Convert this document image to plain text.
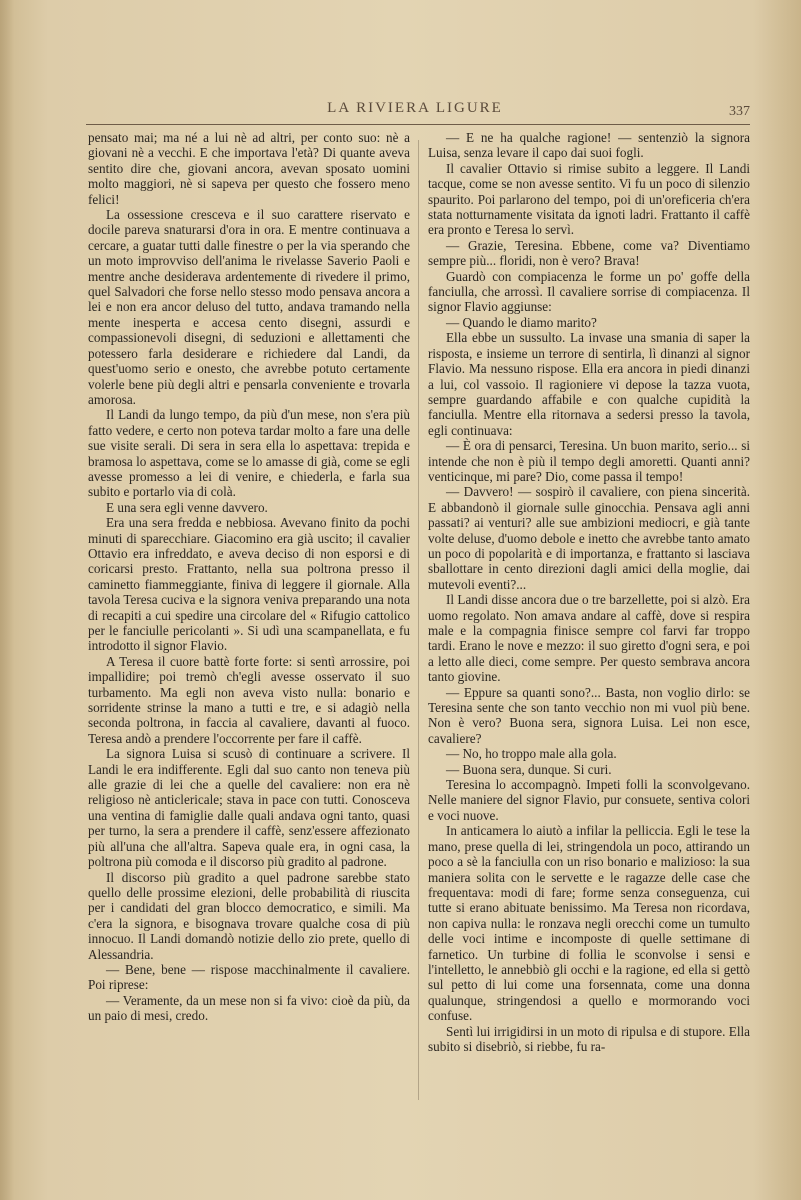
LA RIVIERA LIGURE	337

pensato mai; ma né a lui nè ad altri, per conto suo: nè a giovani nè a vecchi. E che importava l'età? Di quante aveva sentito dire che, giovani ancora, avevan sposato uomini molto maggiori, nè si sapeva per questo che fossero meno felici!

La ossessione cresceva e il suo carattere riservato e docile pareva snaturarsi d'ora in ora. E mentre continuava a cercare, a guatar tutti dalle finestre o per la via sperando che un moto improvviso dell'anima le rivelasse Saverio Paoli e mentre anche desiderava ardentemente di rivedere il primo, quel Salvadori che forse nello stesso modo pensava ancora a lei e non era ancor deluso del tutto, andava tramando nella mente inesperta e accesa cento disegni, assurdi e compassionevoli disegni, di seduzioni e allettamenti che potessero farla desiderare e richiedere dal Landi, da quest'uomo serio e onesto, che avrebbe potuto certamente volerle bene più degli altri e pensarla conveniente e trovarla amorosa.

Il Landi da lungo tempo, da più d'un mese, non s'era più fatto vedere, e certo non poteva tardar molto a fare una delle sue visite serali. Di sera in sera ella lo aspettava: trepida e bramosa lo aspettava, come se lo amasse di già, come se egli avesse promesso a lei di venire, e chiederla, e farla sua subito e portarlo via di colà.

E una sera egli venne davvero.

Era una sera fredda e nebbiosa. Avevano finito da pochi minuti di sparecchiare. Giacomino era già uscito; il cavalier Ottavio era infreddato, e aveva deciso di non esporsi e di coricarsi presto. Frattanto, nella sua poltrona presso il caminetto fiammeggiante, finiva di leggere il giornale. Alla tavola Teresa cuciva e la signora veniva preparando una nota di recapiti a cui spedire una circolare del « Rifugio cattolico per le fanciulle pericolanti ». Si udì una scampanellata, e fu introdotto il signor Flavio.

A Teresa il cuore battè forte forte: si sentì arrossire, poi impallidire; poi tremò ch'egli avesse osservato il suo turbamento. Ma egli non aveva visto nulla: bonario e sorridente strinse la mano a tutti e tre, e si adagiò nella seconda poltrona, in faccia al cavaliere, davanti al fuoco. Teresa andò a prendere l'occorrente per fare il caffè.

La signora Luisa si scusò di continuare a scrivere. Il Landi le era indifferente. Egli dal suo canto non teneva più alle grazie di lei che a quelle del cavaliere: non era nè religioso nè anticlericale; stava in pace con tutti. Conosceva una ventina di famiglie dalle quali andava ogni tanto, quasi per turno, la sera a prendere il caffè, senz'essere affezionato più all'una che all'altra. Sapeva quale era, in ogni casa, la poltrona più comoda e il discorso più gradito al padrone.

Il discorso più gradito a quel padrone sarebbe stato quello delle prossime elezioni, delle probabilità di riuscita per i candidati del gran blocco democratico, e simili. Ma c'era la signora, e bisognava trovare qualche cosa di più innocuo. Il Landi domandò notizie dello zio prete, quello di Alessandria.

— Bene, bene — rispose macchinalmente il cavaliere. Poi riprese:

— Veramente, da un mese non si fa vivo: cioè da più, da un paio di mesi, credo.

— E ne ha qualche ragione! — sentenziò la signora Luisa, senza levare il capo dai suoi fogli.

Il cavalier Ottavio si rimise subito a leggere. Il Landi tacque, come se non avesse sentito. Vi fu un poco di silenzio spaurito. Poi parlarono del tempo, poi di un'oreficeria ch'era stata notturnamente visitata da ignoti ladri. Frattanto il caffè era pronto e Teresa lo servì.

— Grazie, Teresina. Ebbene, come va? Diventiamo sempre più... floridi, non è vero? Brava!

Guardò con compiacenza le forme un po' goffe della fanciulla, che arrossì. Il cavaliere sorrise di compiacenza. Il signor Flavio aggiunse:

— Quando le diamo marito?

Ella ebbe un sussulto. La invase una smania di saper la risposta, e insieme un terrore di sentirla, lì dinanzi al signor Flavio. Ma nessuno rispose. Ella era ancora in piedi dinanzi a lui, col vassoio. Il ragioniere vi depose la tazza vuota, sempre guardando affabile e con qualche cupidità la fanciulla. Mentre ella ritornava a sedersi presso la tavola, egli continuava:

— È ora di pensarci, Teresina. Un buon marito, serio... si intende che non è più il tempo degli amoretti. Quanti anni? venticinque, mi pare? Dio, come passa il tempo!

— Davvero! — sospirò il cavaliere, con piena sincerità. E abbandonò il giornale sulle ginocchia. Pensava agli anni passati? ai venturi? alle sue ambizioni mediocri, e già tante volte deluse, d'uomo debole e inetto che avrebbe tanto amato un poco di popolarità e di importanza, e frattanto si lasciava sballottare in cento direzioni dagli amici della moglie, dai mutevoli eventi?...

Il Landi disse ancora due o tre barzellette, poi si alzò. Era uomo regolato. Non amava andare al caffè, dove si respira male e la compagnia finisce sempre col farvi far troppo tardi. Erano le nove e mezzo: il suo giretto d'ogni sera, e poi a letto alle dieci, come sempre. Per questo sembrava ancora tanto giovine.

— Eppure sa quanti sono?... Basta, non voglio dirlo: se Teresina sente che son tanto vecchio non mi vuol più bene. Non è vero? Buona sera, signora Luisa. Lei non esce, cavaliere?

— No, ho troppo male alla gola.

— Buona sera, dunque. Si curi.

Teresina lo accompagnò. Impeti folli la sconvolgevano. Nelle maniere del signor Flavio, pur consuete, sentiva colori e voci nuove.

In anticamera lo aiutò a infilar la pelliccia. Egli le tese la mano, prese quella di lei, stringendola un poco, attirando un poco a sè la fanciulla con un riso bonario e malizioso: la sua maniera solita con le servette e le ragazze delle case che frequentava: modi di fare; forme senza conseguenza, cui tutte si erano abituate benissimo. Ma Teresa non ricordava, non capiva nulla: le ronzava negli orecchi come un tumulto delle voci intime e incomposte di quelle settimane di farnetico. Un turbine di follia le sconvolse i sensi e l'intelletto, le annebbiò gli occhi e la ragione, ed ella si gettò sul petto di lui come una forsennata, come una donna qualunque, stringendosi a quello e mormorando voci confuse.

Sentì lui irrigidirsi in un moto di ripulsa e di stupore. Ella subito si disebriò, si riebbe, fu ra-
